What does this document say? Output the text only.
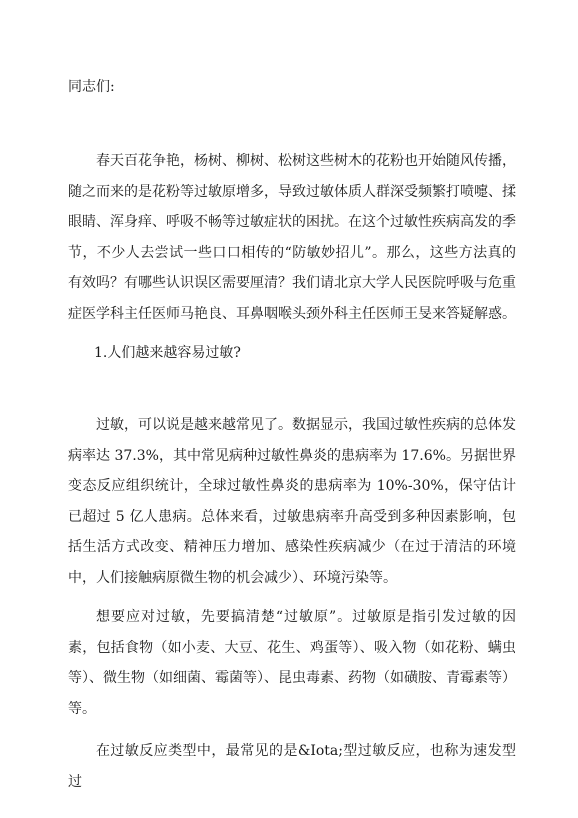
同志们:

春天百花争艳，杨树、柳树、松树这些树木的花粉也开始随风传播，随之而来的是花粉等过敏原增多，导致过敏体质人群深受频繁打喷嚏、揉眼睛、浑身痒、呼吸不畅等过敏症状的困扰。在这个过敏性疾病高发的季节，不少人去尝试一些口口相传的“防敏妙招儿”。那么，这些方法真的有效吗？有哪些认识误区需要厘清？我们请北京大学人民医院呼吸与危重症医学科主任医师马艳良、耳鼻咽喉头颈外科主任医师王旻来答疑解惑。

1.人们越来越容易过敏?

过敏，可以说是越来越常见了。数据显示，我国过敏性疾病的总体发病率达 37.3%，其中常见病种过敏性鼻炎的患病率为 17.6%。另据世界变态反应组织统计，全球过敏性鼻炎的患病率为 10%-30%，保守估计已超过 5 亿人患病。总体来看，过敏患病率升高受到多种因素影响，包括生活方式改变、精神压力增加、感染性疾病减少（在过于清洁的环境中，人们接触病原微生物的机会减少）、环境污染等。

想要应对过敏，先要搞清楚“过敏原”。过敏原是指引发过敏的因素，包括食物（如小麦、大豆、花生、鸡蛋等）、吸入物（如花粉、螨虫等）、微生物（如细菌、霉菌等）、昆虫毒素、药物（如磺胺、青霉素等）等。

在过敏反应类型中，最常见的是&Iota;型过敏反应，也称为速发型过
